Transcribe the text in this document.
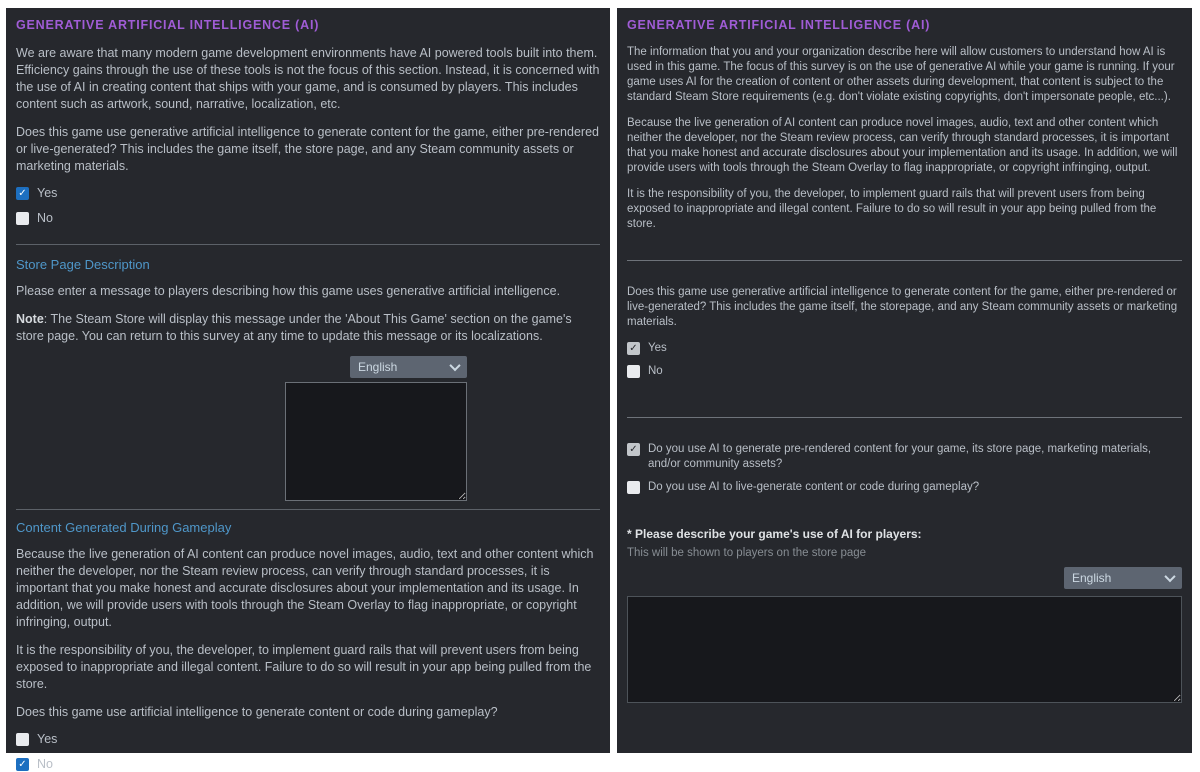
GENERATIVE ARTIFICIAL INTELLIGENCE (AI)

We are aware that many modern game development environments have AI powered tools built into them. Efficiency gains through the use of these tools is not the focus of this section. Instead, it is concerned with the use of AI in creating content that ships with your game, and is consumed by players. This includes content such as artwork, sound, narrative, localization, etc.

Does this game use generative artificial intelligence to generate content for the game, either pre-rendered or live-generated? This includes the game itself, the store page, and any Steam community assets or marketing materials.

✓
Yes
No
Store Page Description

Please enter a message to players describing how this game uses generative artificial intelligence.

Note: The Steam Store will display this message under the 'About This Game' section on the game's store page. You can return to this survey at any time to update this message or its localizations.

English
Content Generated During Gameplay

Because the live generation of AI content can produce novel images, audio, text and other content which neither the developer, nor the Steam review process, can verify through standard processes, it is important that you make honest and accurate disclosures about your implementation and its usage. In addition, we will provide users with tools through the Steam Overlay to flag inappropriate, or copyright infringing, output.

It is the responsibility of you, the developer, to implement guard rails that will prevent users from being exposed to inappropriate and illegal content. Failure to do so will result in your app being pulled from the store.

Does this game use artificial intelligence to generate content or code during gameplay?

Yes
✓
No
GENERATIVE ARTIFICIAL INTELLIGENCE (AI)

The information that you and your organization describe here will allow customers to understand how AI is used in this game. The focus of this survey is on the use of generative AI while your game is running. If your game uses AI for the creation of content or other assets during development, that content is subject to the standard Steam Store requirements (e.g. don't violate existing copyrights, don't impersonate people, etc...).

Because the live generation of AI content can produce novel images, audio, text and other content which neither the developer, nor the Steam review process, can verify through standard processes, it is important that you make honest and accurate disclosures about your implementation and its usage. In addition, we will provide users with tools through the Steam Overlay to flag inappropriate, or copyright infringing, output.

It is the responsibility of you, the developer, to implement guard rails that will prevent users from being exposed to inappropriate and illegal content. Failure to do so will result in your app being pulled from the store.

Does this game use generative artificial intelligence to generate content for the game, either pre-rendered or live-generated? This includes the game itself, the storepage, and any Steam community assets or marketing materials.

✓
Yes
No
✓
Do you use AI to generate pre-rendered content for your game, its store page, marketing materials, and/or community assets?
Do you use AI to live-generate content or code during gameplay?

* Please describe your game's use of AI for players:

This will be shown to players on the store page

English
